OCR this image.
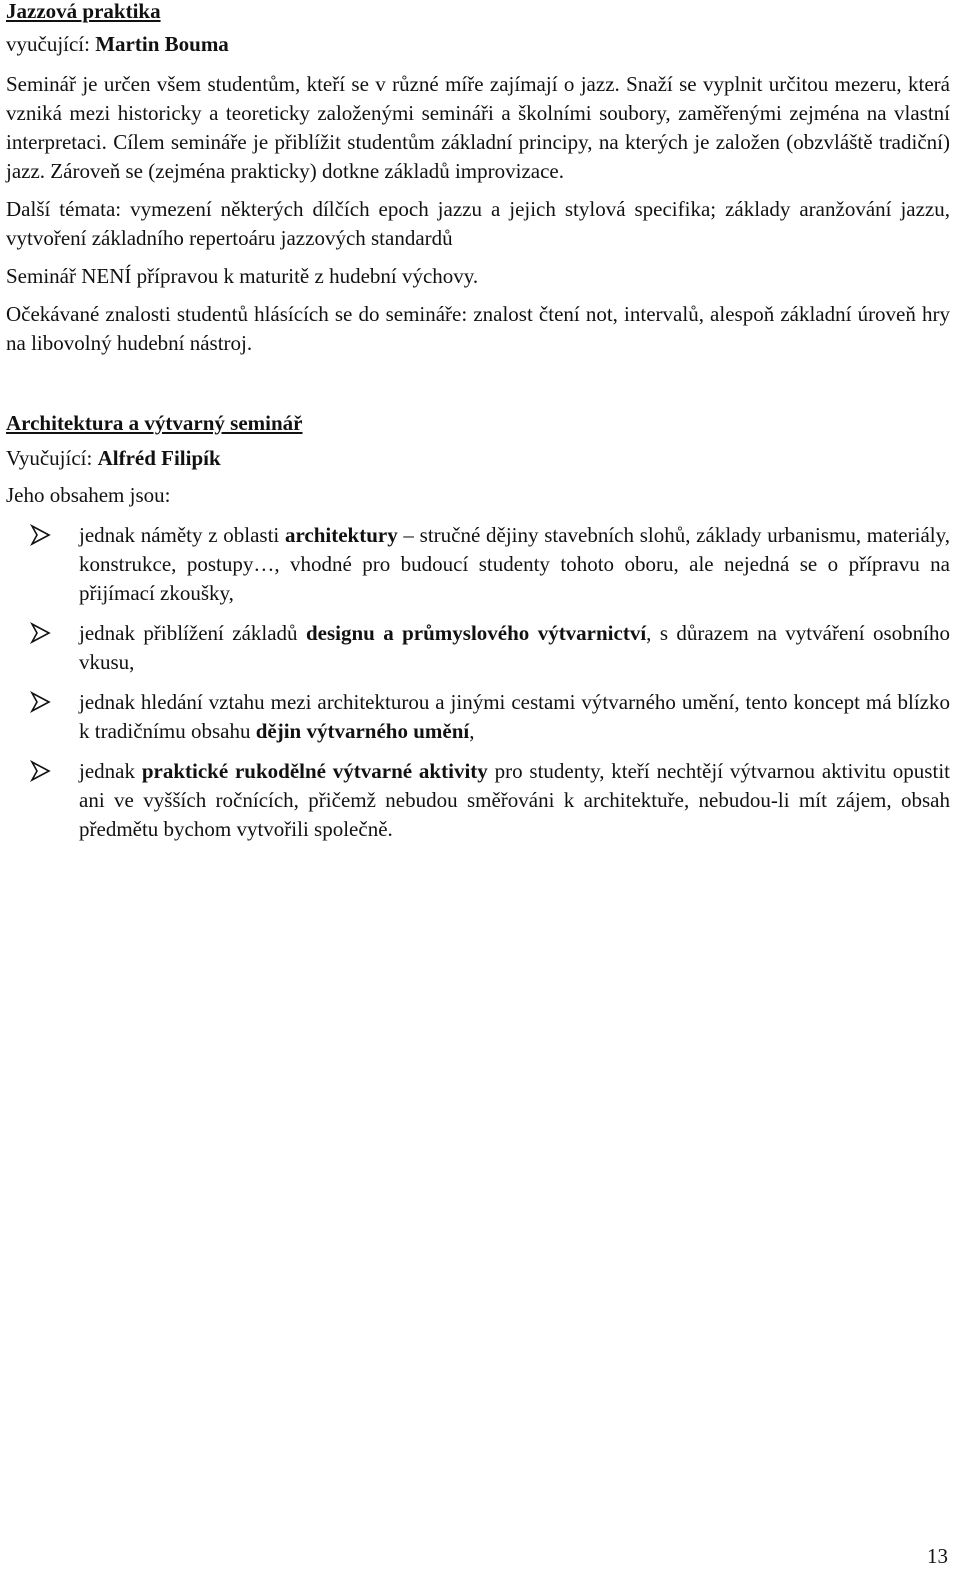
Jazzová praktika

vyučující: Martin Bouma

Seminář je určen všem studentům, kteří se v různé míře zajímají o jazz. Snaží se vyplnit určitou mezeru, která vzniká mezi historicky a teoreticky založenými semináři a školními soubory, zaměřenými zejména na vlastní interpretaci. Cílem semináře je přiblížit studentům základní principy, na kterých je založen (obzvláště tradiční) jazz. Zároveň se (zejména prakticky) dotkne základů improvizace.

Další témata: vymezení některých dílčích epoch jazzu a jejich stylová specifika; základy aranžování jazzu, vytvoření základního repertoáru jazzových standardů

Seminář NENÍ přípravou k maturitě z hudební výchovy.

Očekávané znalosti studentů hlásících se do semináře: znalost čtení not, intervalů, alespoň základní úroveň hry na libovolný hudební nástroj.

Architektura a výtvarný seminář

Vyučující: Alfréd Filipík

Jeho obsahem jsou:

jednak náměty z oblasti architektury – stručné dějiny stavebních slohů, základy urbanismu, materiály, konstrukce, postupy…, vhodné pro budoucí studenty tohoto oboru, ale nejedná se o přípravu na přijímací zkoušky,
jednak přiblížení základů designu a průmyslového výtvarnictví, s důrazem na vytváření osobního vkusu,
jednak hledání vztahu mezi architekturou a jinými cestami výtvarného umění, tento koncept má blízko k tradičnímu obsahu dějin výtvarného umění,
jednak praktické rukodělné výtvarné aktivity pro studenty, kteří nechtějí výtvarnou aktivitu opustit ani ve vyšších ročnících, přičemž nebudou směřováni k architektuře, nebudou-li mít zájem, obsah předmětu bychom vytvořili společně.
13
